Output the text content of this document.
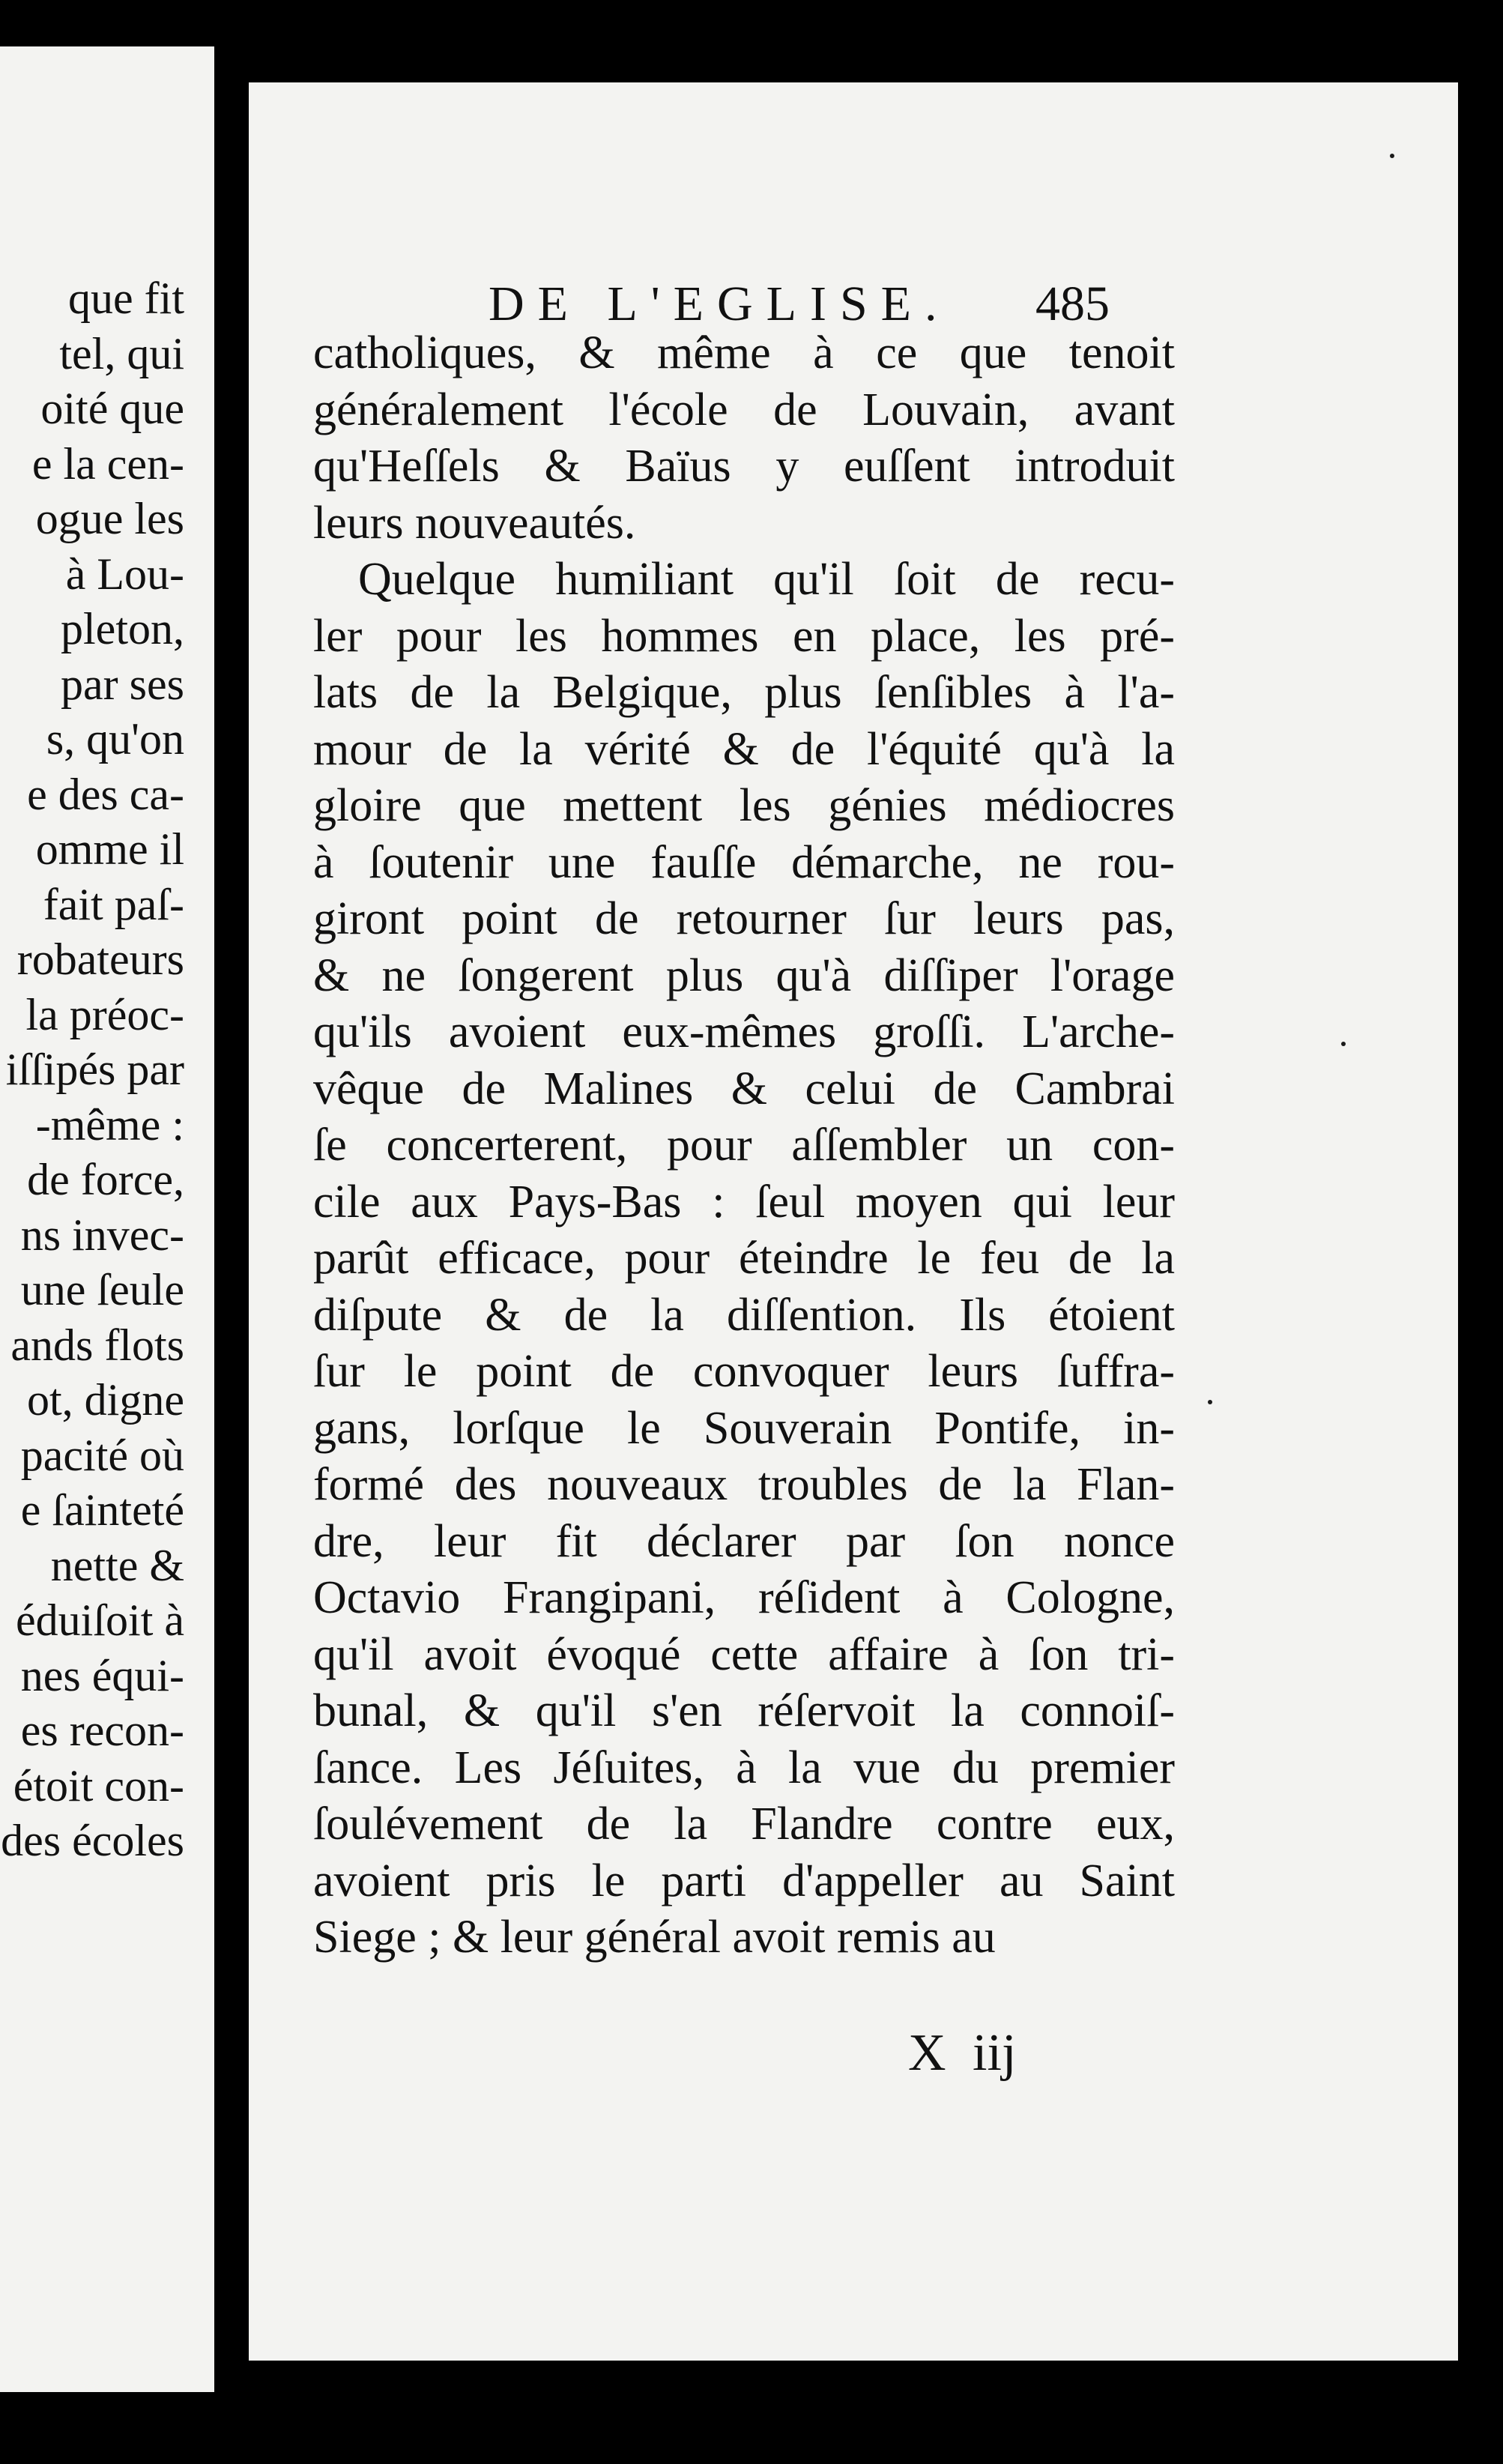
que fit
tel, qui
oité que
e la cen-
ogue les
à Lou-
pleton,
par ses
s, qu'on
e des ca-
omme il
fait paſ-
robateurs
la préoc-
iſſipés par
-même :
de force,
ns invec-
une ſeule
ands flots
ot, digne
pacité où
e ſainteté
nette &
éduiſoit à
nes équi-
es recon-
étoit con-
des écoles
DE L'EGLISE. 485
catholiques, & même à ce que tenoit
généralement l'école de Louvain, avant
qu'Heſſels & Baïus y euſſent introduit
leurs nouveautés.
Quelque humiliant qu'il ſoit de recu-
ler pour les hommes en place, les pré-
lats de la Belgique, plus ſenſibles à l'a-
mour de la vérité & de l'équité qu'à la
gloire que mettent les génies médiocres
à ſoutenir une fauſſe démarche, ne rou-
giront point de retourner ſur leurs pas,
& ne ſongerent plus qu'à diſſiper l'orage
qu'ils avoient eux-mêmes groſſi. L'arche-
vêque de Malines & celui de Cambrai
ſe concerterent, pour aſſembler un con-
cile aux Pays-Bas : ſeul moyen qui leur
parût efficace, pour éteindre le feu de la
diſpute & de la diſſention. Ils étoient
ſur le point de convoquer leurs ſuffra-
gans, lorſque le Souverain Pontife, in-
formé des nouveaux troubles de la Flan-
dre, leur fit déclarer par ſon nonce
Octavio Frangipani, réſident à Cologne,
qu'il avoit évoqué cette affaire à ſon tri-
bunal, & qu'il s'en réſervoit la connoiſ-
ſance. Les Jéſuites, à la vue du premier
ſoulévement de la Flandre contre eux,
avoient pris le parti d'appeller au Saint
Siege ; & leur général avoit remis au
X iij
